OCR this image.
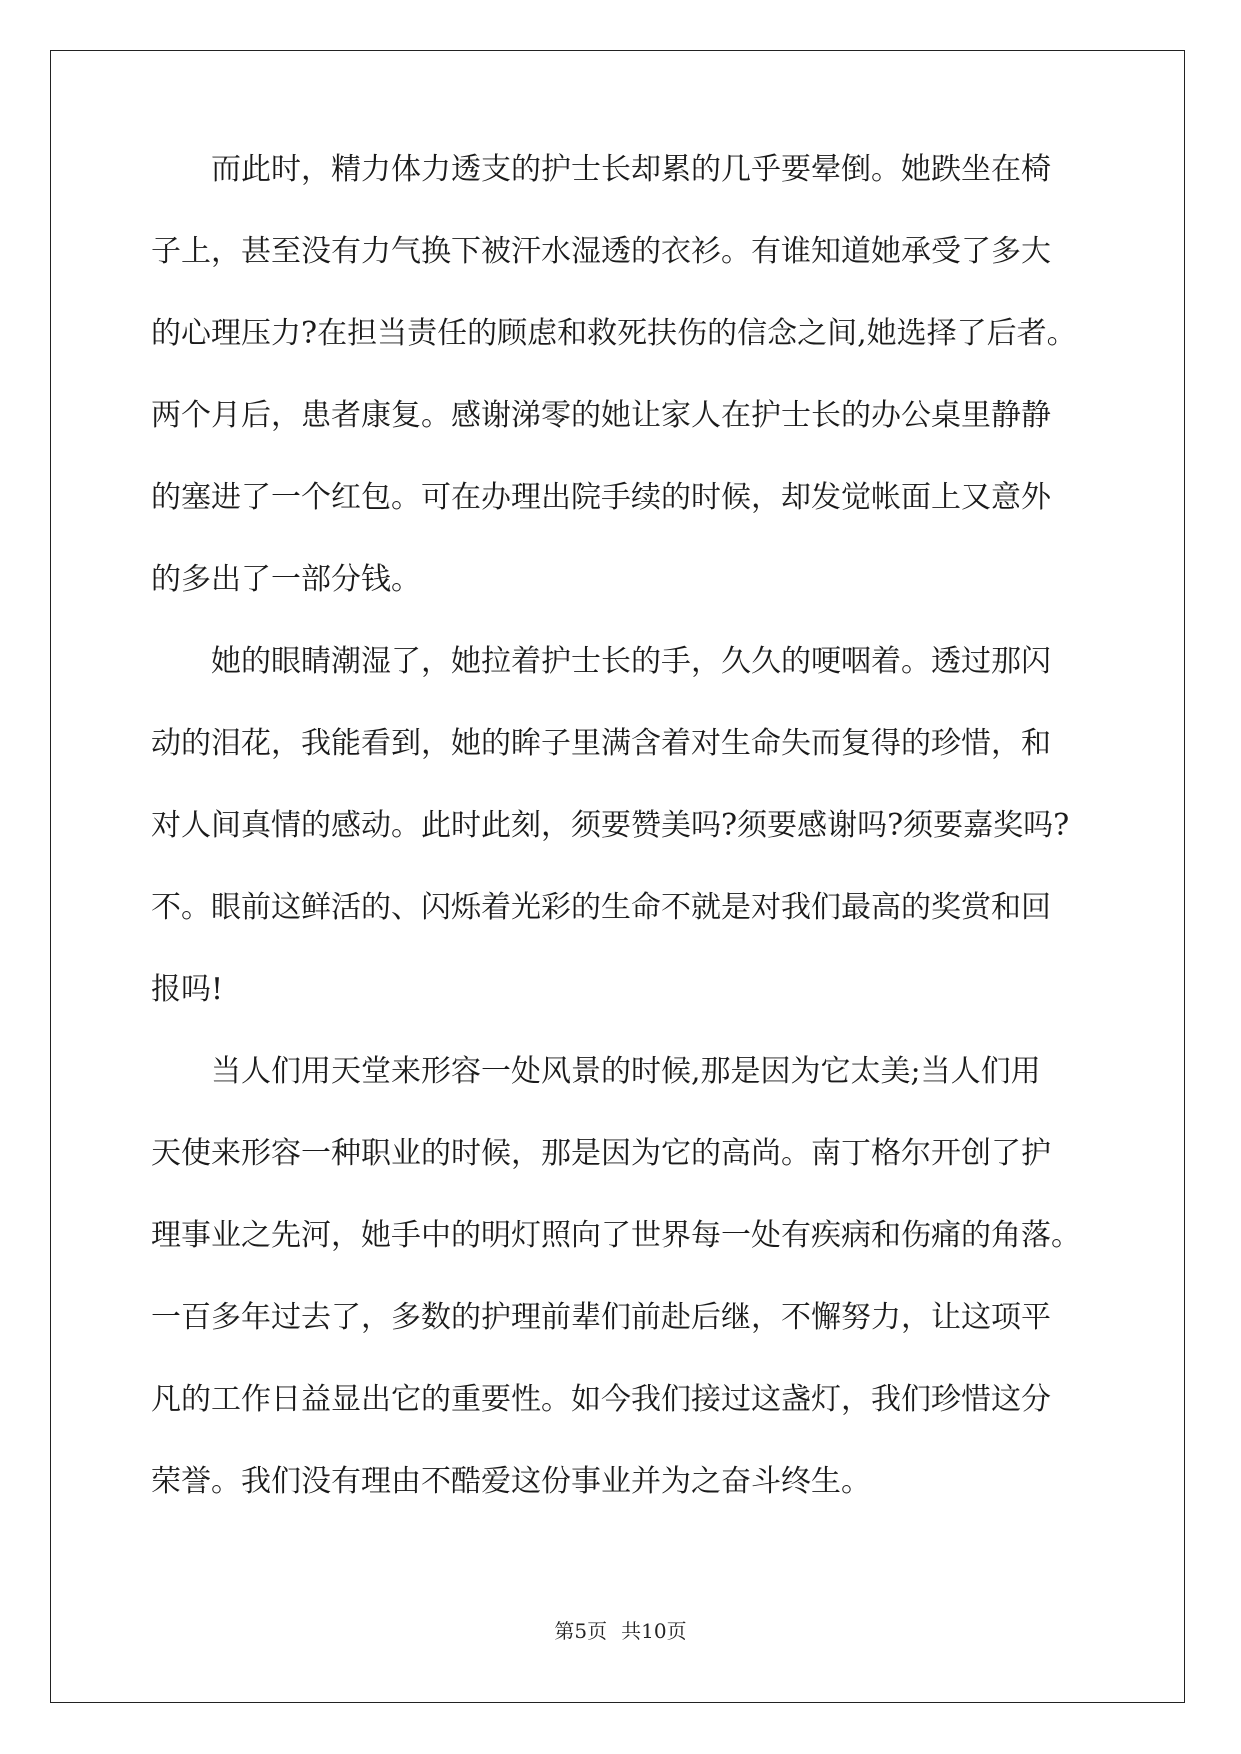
　　而此时，精力体力透支的护士长却累的几乎要晕倒。她跌坐在椅
子上，甚至没有力气换下被汗水湿透的衣衫。有谁知道她承受了多大
的心理压力?在担当责任的顾虑和救死扶伤的信念之间,她选择了后者。
两个月后，患者康复。感谢涕零的她让家人在护士长的办公桌里静静
的塞进了一个红包。可在办理出院手续的时候，却发觉帐面上又意外
的多出了一部分钱。
　　她的眼睛潮湿了，她拉着护士长的手，久久的哽咽着。透过那闪
动的泪花，我能看到，她的眸子里满含着对生命失而复得的珍惜，和
对人间真情的感动。此时此刻，须要赞美吗?须要感谢吗?须要嘉奖吗?
不。眼前这鲜活的、闪烁着光彩的生命不就是对我们最高的奖赏和回
报吗!
　　当人们用天堂来形容一处风景的时候,那是因为它太美;当人们用
天使来形容一种职业的时候，那是因为它的高尚。南丁格尔开创了护
理事业之先河，她手中的明灯照向了世界每一处有疾病和伤痛的角落。
一百多年过去了，多数的护理前辈们前赴后继，不懈努力，让这项平
凡的工作日益显出它的重要性。如今我们接过这盏灯，我们珍惜这分
荣誉。我们没有理由不酷爱这份事业并为之奋斗终生。
第5页 共10页
